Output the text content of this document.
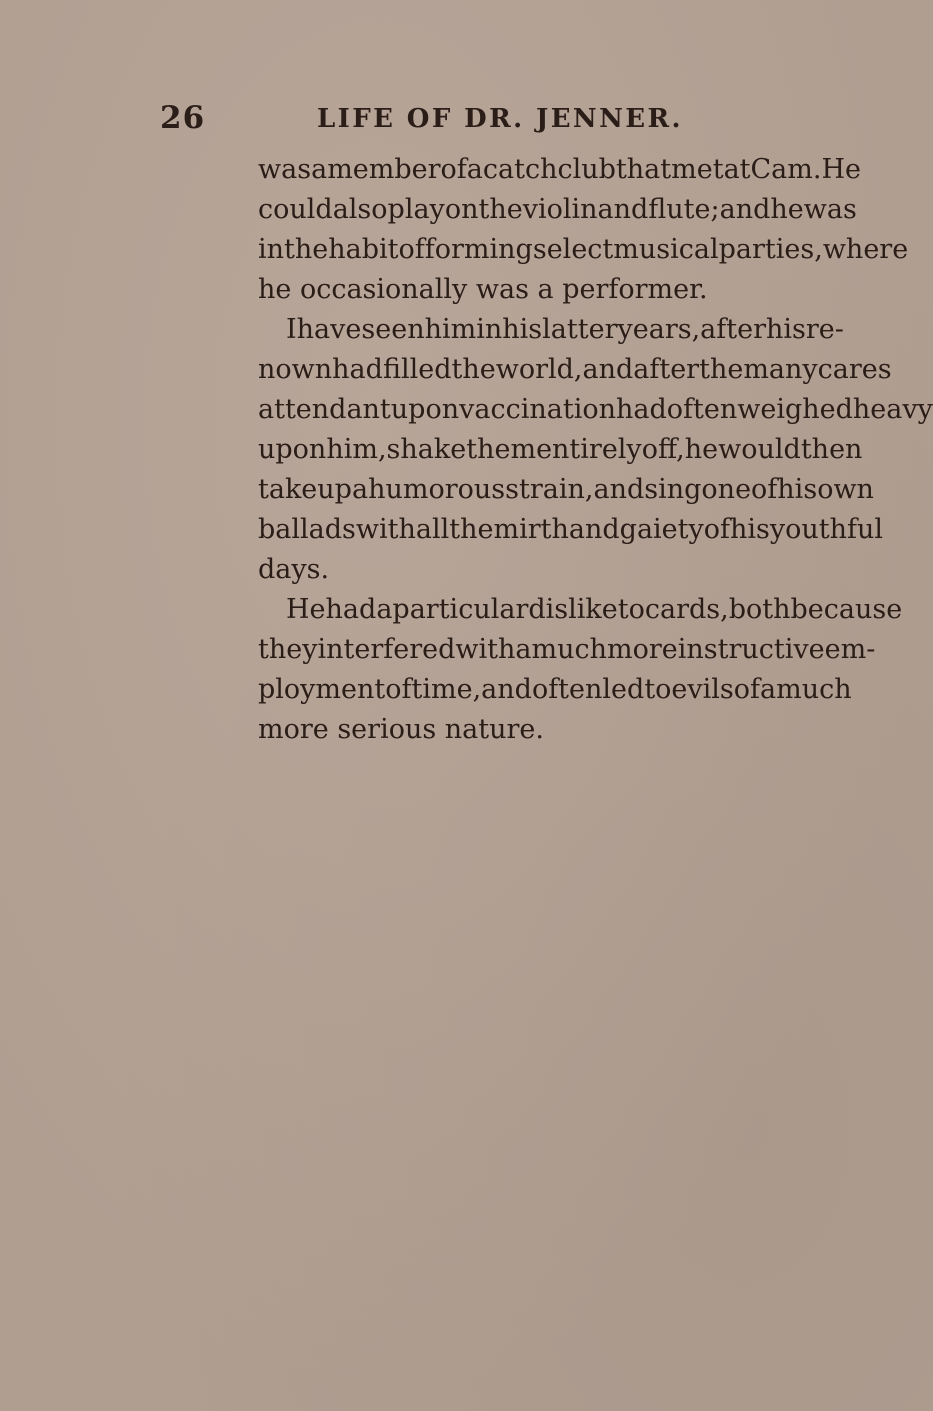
26	LIFE OF DR. JENNER.
was a member of a catch club that met at Cam. He
could also play on the violin and flute; and he was
in the habit of forming select musical parties, where
he occasionally was a performer.
I have seen him in his latter years, after his re-
nown had filled the world, and after the many cares
attendant upon vaccination had often weighed heavy
upon him, shake them entirely off, he would then
take up a humorous strain, and sing one of his own
ballads with all the mirth and gaiety of his youthful
days.
He had a particular dislike to cards, both because
they interfered with a much more instructive em-
ployment of time, and often led to evils of a much
more serious nature.
